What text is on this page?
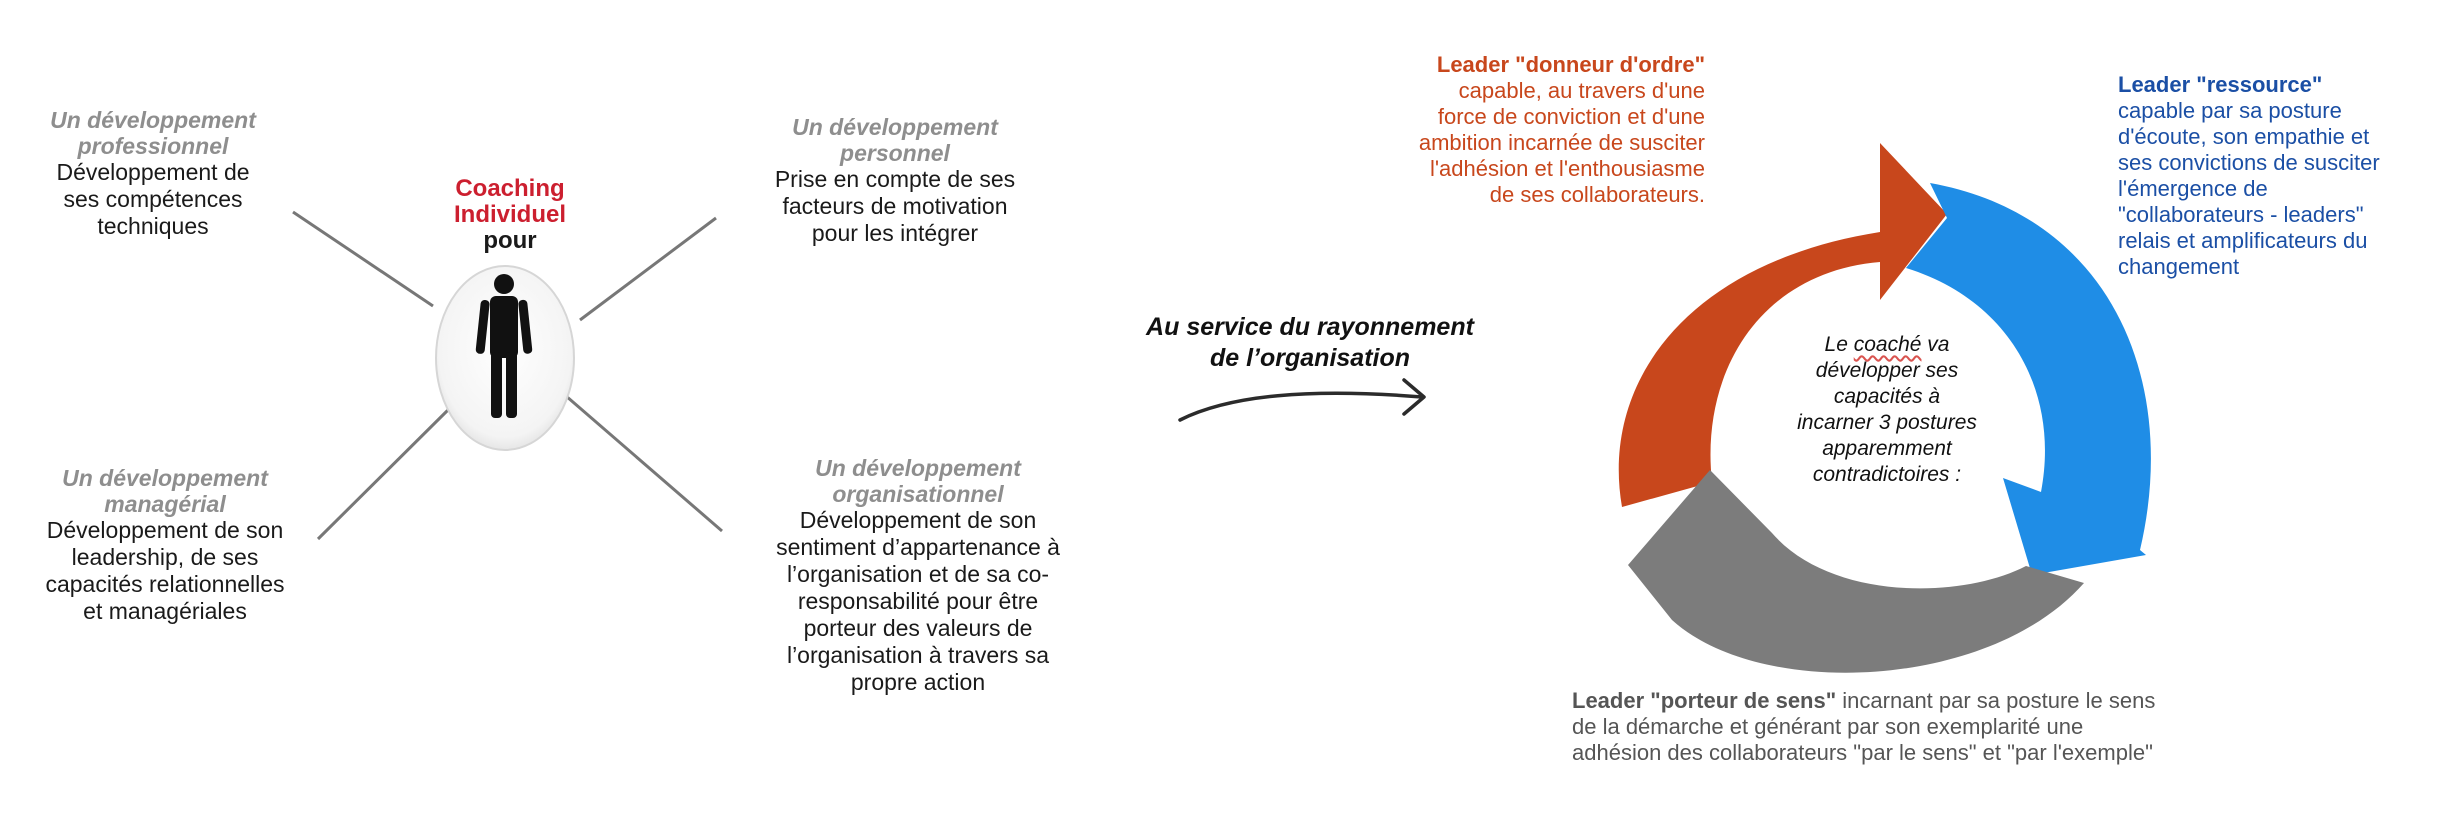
Coaching
Individuel
pour
Un développement
professionnel
Développement de
ses compétences
techniques
Un développement
personnel
Prise en compte de ses
facteurs de motivation
pour les intégrer
Un développement
managérial
Développement de son
leadership, de ses
capacités relationnelles
et managériales
Un développement
organisationnel
Développement de son
sentiment d’appartenance à
l’organisation et de sa co-
responsabilité pour être
porteur des valeurs de
l’organisation à travers sa
propre action
Au service du rayonnement
de l’organisation	Le coaché va
développer ses
capacités à
incarner 3 postures
apparemment
contradictoires :
Leader "donneur d'ordre"
capable, au travers d'une
force de conviction et d'une
ambition incarnée de susciter
l'adhésion et l'enthousiasme
de ses collaborateurs.
Leader "ressource"
capable par sa posture
d'écoute, son empathie et
ses convictions de susciter
l'émergence de
"collaborateurs - leaders"
relais et amplificateurs du
changement
Leader "porteur de sens" incarnant par sa posture le sens
de la démarche et générant par son exemplarité une
adhésion des collaborateurs "par le sens" et "par l'exemple"
